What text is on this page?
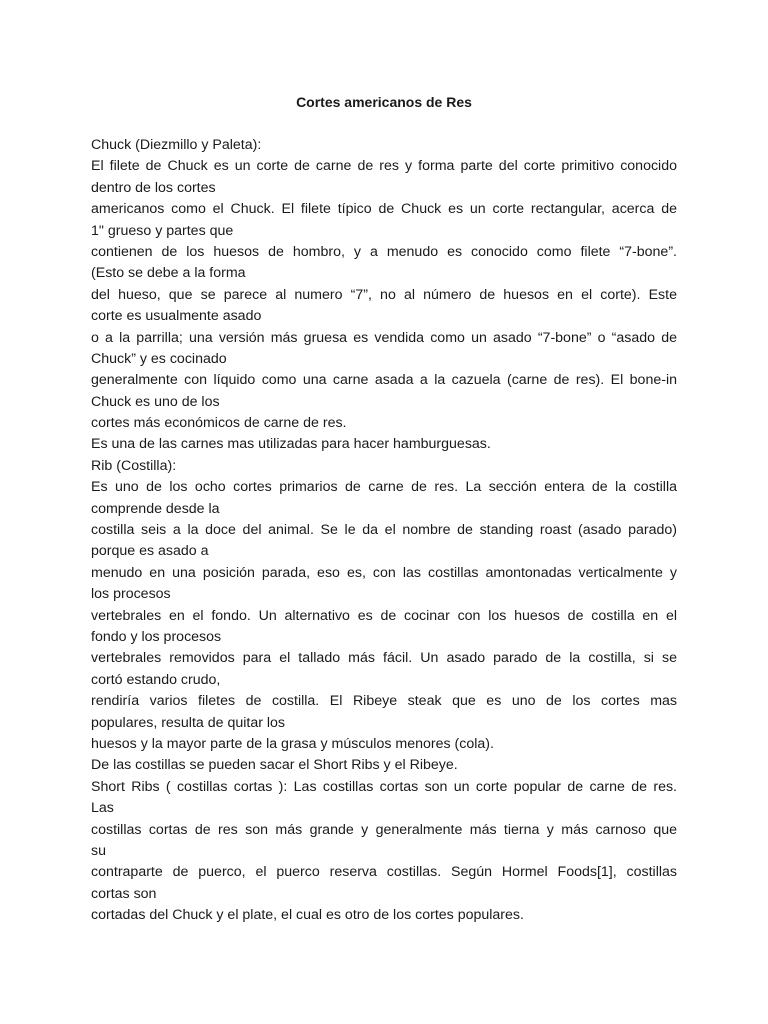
Cortes americanos de Res
Chuck (Diezmillo y Paleta):
El filete de Chuck es un corte de carne de res y forma parte del corte primitivo conocido
dentro de los cortes
americanos como el Chuck. El filete típico de Chuck es un corte rectangular, acerca de
1" grueso y partes que
contienen de los huesos de hombro, y a menudo es conocido como filete “7-bone”.
(Esto se debe a la forma
del hueso, que se parece al numero “7”, no al número de huesos en el corte). Este
corte es usualmente asado
o a la parrilla; una versión más gruesa es vendida como un asado “7-bone” o “asado de
Chuck” y es cocinado
generalmente con líquido como una carne asada a la cazuela (carne de res). El bone-in
Chuck es uno de los
cortes más económicos de carne de res.
Es una de las carnes mas utilizadas para hacer hamburguesas.
Rib (Costilla):
Es uno de los ocho cortes primarios de carne de res. La sección entera de la costilla
comprende desde la
costilla seis a la doce del animal. Se le da el nombre de standing roast (asado parado)
porque es asado a
menudo en una posición parada, eso es, con las costillas amontonadas verticalmente y
los procesos
vertebrales en el fondo. Un alternativo es de cocinar con los huesos de costilla en el
fondo y los procesos
vertebrales removidos para el tallado más fácil. Un asado parado de la costilla, si se
cortó estando crudo,
rendiría varios filetes de costilla. El Ribeye steak que es uno de los cortes mas
populares, resulta de quitar los
huesos y la mayor parte de la grasa y músculos menores (cola).
De las costillas se pueden sacar el Short Ribs y el Ribeye.
Short Ribs ( costillas cortas ): Las costillas cortas son un corte popular de carne de res.
Las
costillas cortas de res son más grande y generalmente más tierna y más carnoso que
su
contraparte de puerco, el puerco reserva costillas. Según Hormel Foods[1], costillas
cortas son
cortadas del Chuck y el plate, el cual es otro de los cortes populares.
